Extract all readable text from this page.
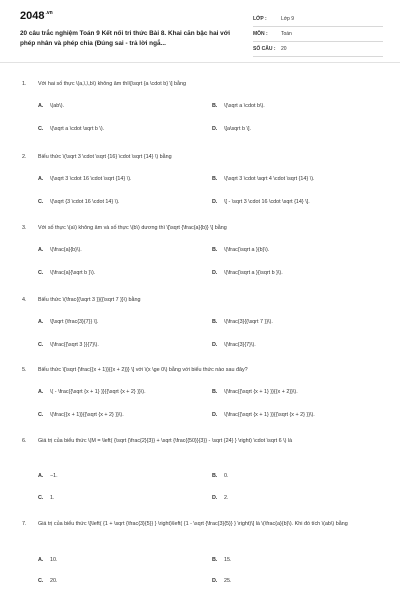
$2048^{.vn}$
20 câu trắc nghiệm Toán 9 Kết nối tri thức Bài 8. Khai căn bậc hai với phép nhân và phép chia (Đúng sai - trả lời ngắ...
LỚP :	Lớp 9
MÔN :	Toán
SỐ CÂU :	20
1. Với hai số thực \(a,\,\,b\) không âm thì\[\sqrt {a \cdot b} \] bằng
A. \(ab\).	B. \(\sqrt a \cdot b\).
C. \(\sqrt a \cdot \sqrt b \).	D. \[a\sqrt b \].
2. Biểu thức \(\sqrt 3 \cdot \sqrt {16} \cdot \sqrt {14} \) bằng
A. \(\sqrt 3 \cdot 16 \cdot \sqrt {14} \).	B. \(\sqrt 3 \cdot \sqrt 4 \cdot \sqrt {14} \).
C. \(\sqrt {3 \cdot 16 \cdot 14} \).	D. \[ - \sqrt 3 \cdot 16 \cdot \sqrt {14} \].
3. Với số thực \(a\) không âm và số thực \(b\) dương thì \[\sqrt {\frac{a}{b}} \] bằng
A. \(\frac{a}{b}\).	B. \(\frac{\sqrt a }{b}\).
C. \(\frac{a}{\sqrt b }\).	D. \(\frac{\sqrt a }{\sqrt b }\).
4. Biểu thức \(\frac{{\sqrt 3 }}{{\sqrt 7 }}\) bằng
A. \[\sqrt {\frac{3}{7}} \].	B. \(\frac{3}{{\sqrt 7 }}\).
C. \(\frac{{\sqrt 3 }}{7}\).	D. \(\frac{3}{7}\).
5. Biểu thức \[\sqrt {\frac{{x + 1}}{{x + 2}}} \] với \(x \ge 0\) bằng với biểu thức nào sau đây?
A. \( - \frac{{\sqrt {x + 1} }}{{\sqrt {x + 2} }}\).	B. \(\frac{{\sqrt {x + 1} }}{{x + 2}}\).
C. \(\frac{{x + 1}}{{\sqrt {x + 2} }}\).	D. \(\frac{{\sqrt {x + 1} }}{{\sqrt {x + 2} }}\).
6. Giá trị của biểu thức \(M = \left( {\sqrt {\frac{2}{3}} + \sqrt {\frac{{50}}{3}} - \sqrt {24} } \right) \cdot \sqrt 6 \) là
A. −1.	B. 0.
C. 1.	D. 2.
7. Giá trị của biểu thức \[\left( {1 + \sqrt {\frac{3}{5}} } \right)\left( {1 - \sqrt {\frac{3}{5}} } \right)\] là \(\frac{a}{b}\). Khi đó tích \(ab\) bằng
A. 10.	B. 15.
C. 20.	D. 25.
